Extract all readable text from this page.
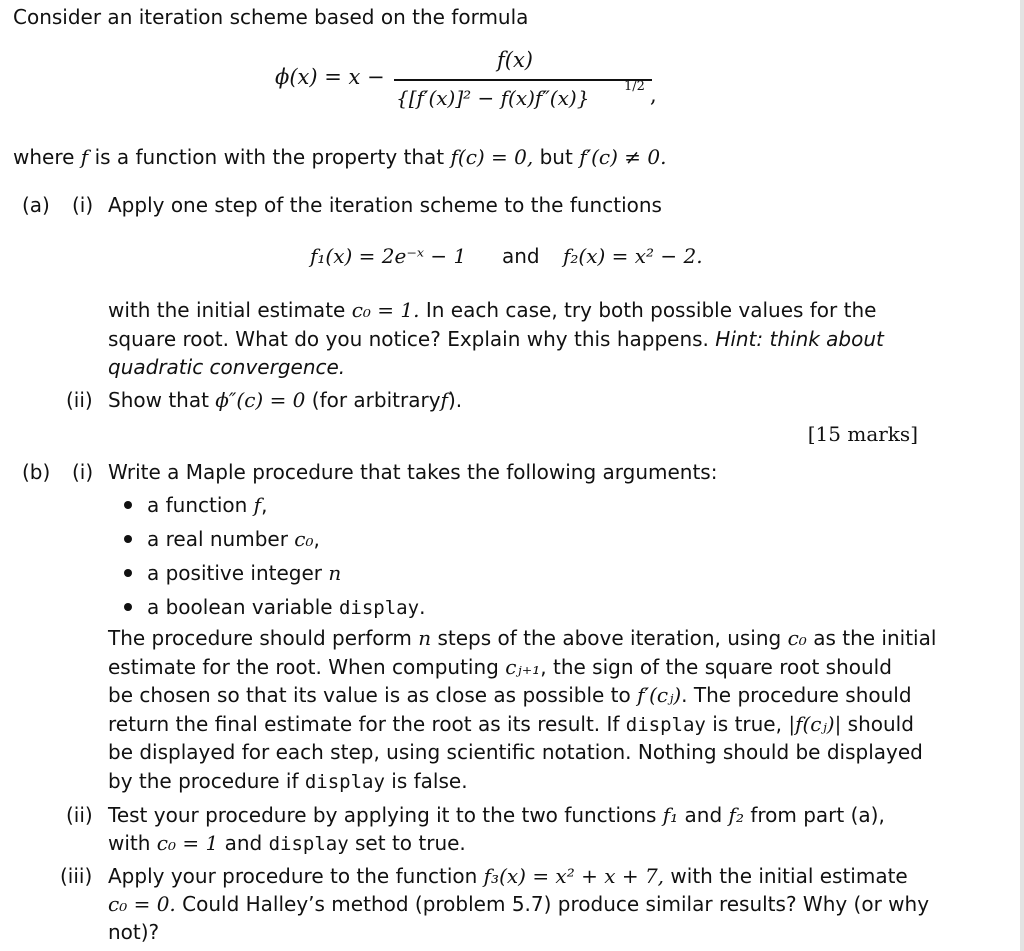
Consider an iteration scheme based on the formula
ϕ(x) = x −
f(x)
{[f′(x)]² − f(x)f″(x)}	1/2 ,
where f is a function with the property that f(c) = 0, but f′(c) ≠ 0.
(a) (i) Apply one step of the iteration scheme to the functions
f₁(x) = 2e⁻ˣ − 1 and f₂(x) = x² − 2.
with the initial estimate c₀ = 1. In each case, try both possible values for the square root. What do you notice? Explain why this happens. Hint: think about quadratic convergence.
(ii) Show that ϕ″(c) = 0 (for arbitraryf).
[15 marks]
(b) (i) Write a Maple procedure that takes the following arguments:
a function f,
a real number c₀,
a positive integer n
a boolean variable display.
The procedure should perform n steps of the above iteration, using c₀ as the initial
estimate for the root. When computing cⱼ₊₁, the sign of the square root should
be chosen so that its value is as close as possible to f′(cⱼ). The procedure should
return the final estimate for the root as its result. If display is true, |f(cⱼ)| should
be displayed for each step, using scientific notation. Nothing should be displayed
by the procedure if display is false.
(ii) Test your procedure by applying it to the two functions f₁ and f₂ from part (a),
with c₀ = 1 and display set to true.
(iii) Apply your procedure to the function f₃(x) = x² + x + 7, with the initial estimate
c₀ = 0. Could Halley’s method (problem 5.7) produce similar results? Why (or why
not)?
